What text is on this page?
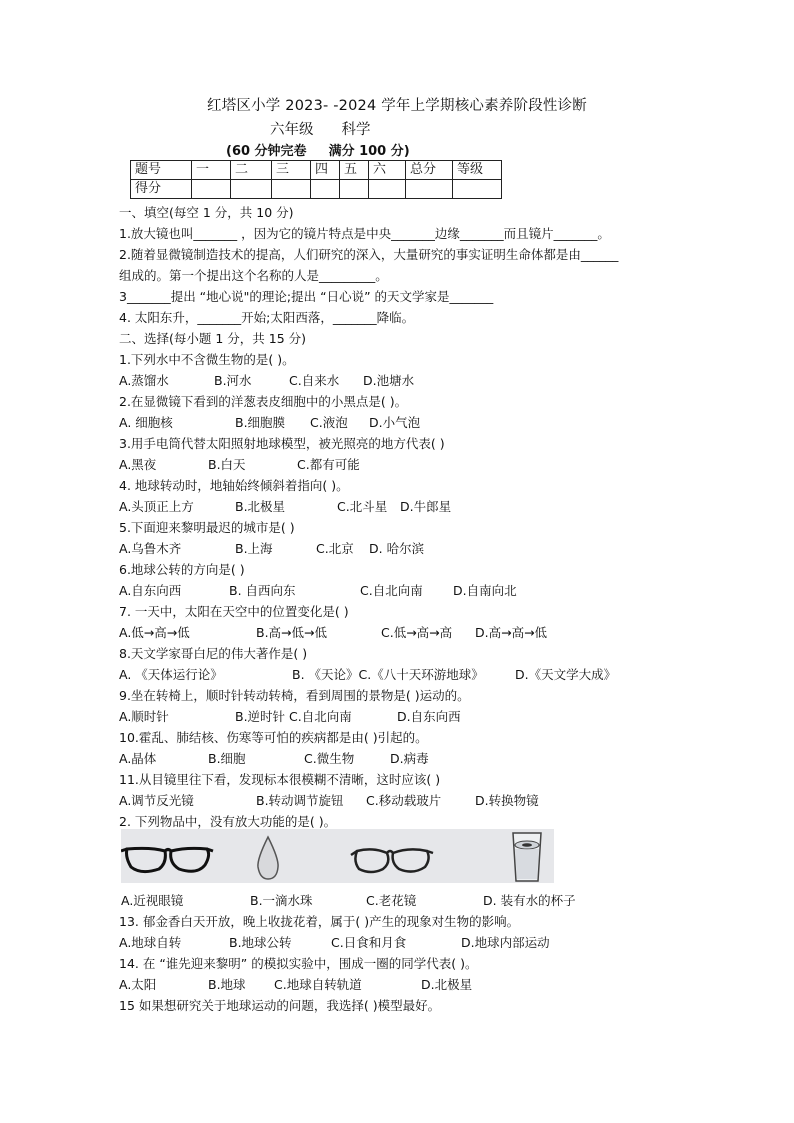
红塔区小学 2023- -2024 学年上学期核心素养阶段性诊断
六年级 科学
(60 分钟完卷 满分 100 分)
题号	一	二	三	四	五	六	总分	等级
得分								
一、填空(每空 1 分，共 10 分)
1.放大镜也叫_______ ，因为它的镜片特点是中央_______边缘_______而且镜片_______。
2.随着显微镜制造技术的提高，人们研究的深入，大量研究的事实证明生命体都是由______
组成的。第一个提出这个名称的人是_________。
3_______提出 “地心说"的理论;提出 “日心说” 的天文学家是_______
4. 太阳东升，_______开始;太阳西落，_______降临。
二、选择(每小题 1 分，共 15 分)
1.下列水中不含微生物的是( )。
A.蒸馏水	B.河水	C.自来水 D.池塘水
2.在显微镜下看到的洋葱表皮细胞中的小黑点是( )。
A. 细胞核	B.细胞膜 C.液泡 D.小气泡
3.用手电筒代替太阳照射地球模型，被光照亮的地方代表( )
A.黑夜	B.白天	C.都有可能
4. 地球转动时，地轴始终倾斜着指向( )。
A.头顶正上方	B.北极星	C.北斗星 D.牛郎星
5.下面迎来黎明最迟的城市是( )
A.乌鲁木齐	B.上海	C.北京 D. 哈尔滨
6.地球公转的方向是( )
A.自东向西	B. 自西向东	C.自北向南 D.自南向北
7. 一天中，太阳在天空中的位置变化是( )
A.低→高→低	B.高→低→低	C.低→高→高 D.高→高→低
8.天文学家哥白尼的伟大著作是( )
A. 《天体运行论》	B. 《天论》C.《八十天环游地球》	D.《天文学大成》
9.坐在转椅上，顺时针转动转椅，看到周围的景物是( )运动的。
A.顺时针	B.逆时针 C.自北向南	D.自东向西
10.霍乱、肺结核、伤寒等可怕的疾病都是由( )引起的。
A.晶体	B.细胞	C.微生物	D.病毒
11.从目镜里往下看，发现标本很模糊不清晰，这时应该( )
A.调节反光镜	B.转动调节旋钮 C.移动载玻片	D.转换物镜
2. 下列物品中，没有放大功能的是( )。
A.近视眼镜	B.一滴水珠	C.老花镜	D. 装有水的杯子
13. 郁金香白天开放，晚上收拢花着，属于( )产生的现象对生物的影响。
A.地球自转	B.地球公转	C.日食和月食	D.地球内部运动
14. 在 “谁先迎来黎明” 的模拟实验中，围成一圈的同学代表( )。
A.太阳	B.地球 C.地球自转轨道	D.北极星
15 如果想研究关于地球运动的问题，我选择( )模型最好。
